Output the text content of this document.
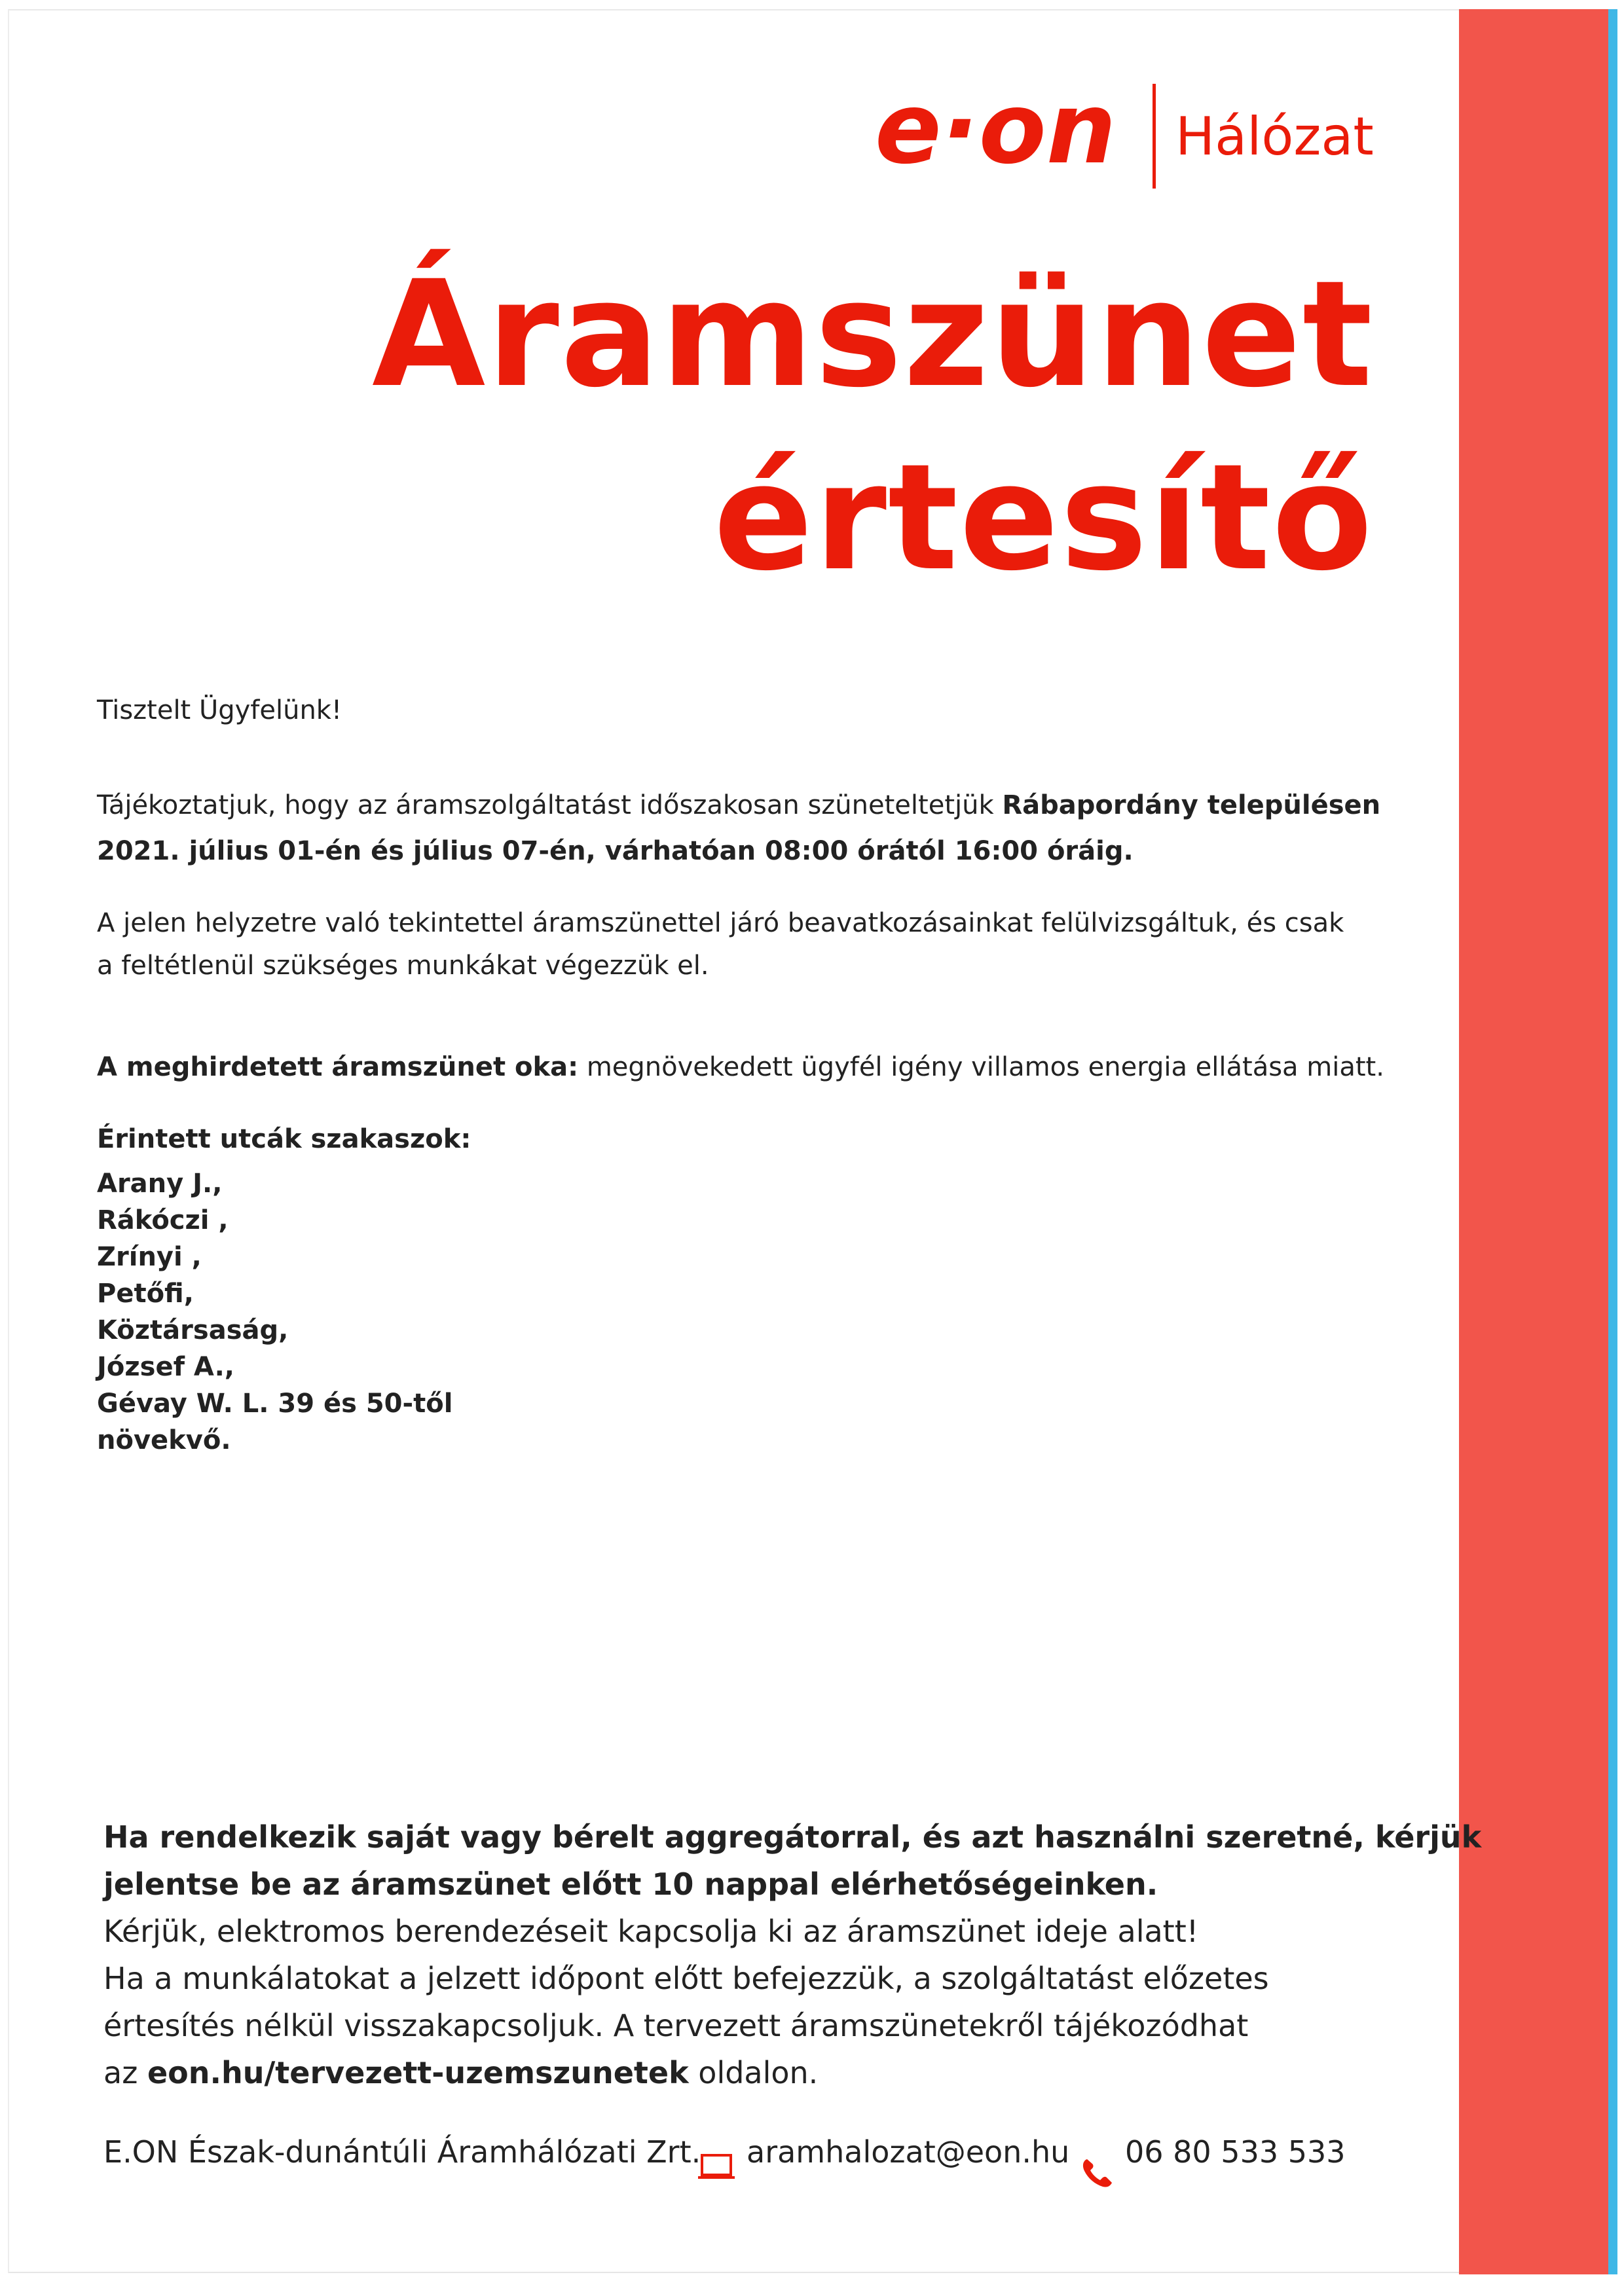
e·on Hálózat
Áramszünet
értesítő
Tisztelt Ügyfelünk!
Tájékoztatjuk, hogy az áramszolgáltatást időszakosan szüneteltetjük Rábapordány településen
2021. július 01-én és július 07-én, várhatóan 08:00 órától 16:00 óráig.
A jelen helyzetre való tekintettel áramszünettel járó beavatkozásainkat felülvizsgáltuk, és csak
a feltétlenül szükséges munkákat végezzük el.
A meghirdetett áramszünet oka: megnövekedett ügyfél igény villamos energia ellátása miatt.
Érintett utcák szakaszok:
Arany J.,
Rákóczi ,
Zrínyi ,
Petőfi,
Köztársaság,
József A.,
Gévay W. L. 39 és 50-től
növekvő.
Ha rendelkezik saját vagy bérelt aggregátorral, és azt használni szeretné, kérjük
jelentse be az áramszünet előtt 10 nappal elérhetőségeinken.
Kérjük, elektromos berendezéseit kapcsolja ki az áramszünet ideje alatt!
Ha a munkálatokat a jelzett időpont előtt befejezzük, a szolgáltatást előzetes
értesítés nélkül visszakapcsoljuk. A tervezett áramszünetekről tájékozódhat
az eon.hu/tervezett-uzemszunetek oldalon.
E.ON Észak-dunántúli Áramhálózati Zrt. aramhalozat@eon.hu 06 80 533 533
